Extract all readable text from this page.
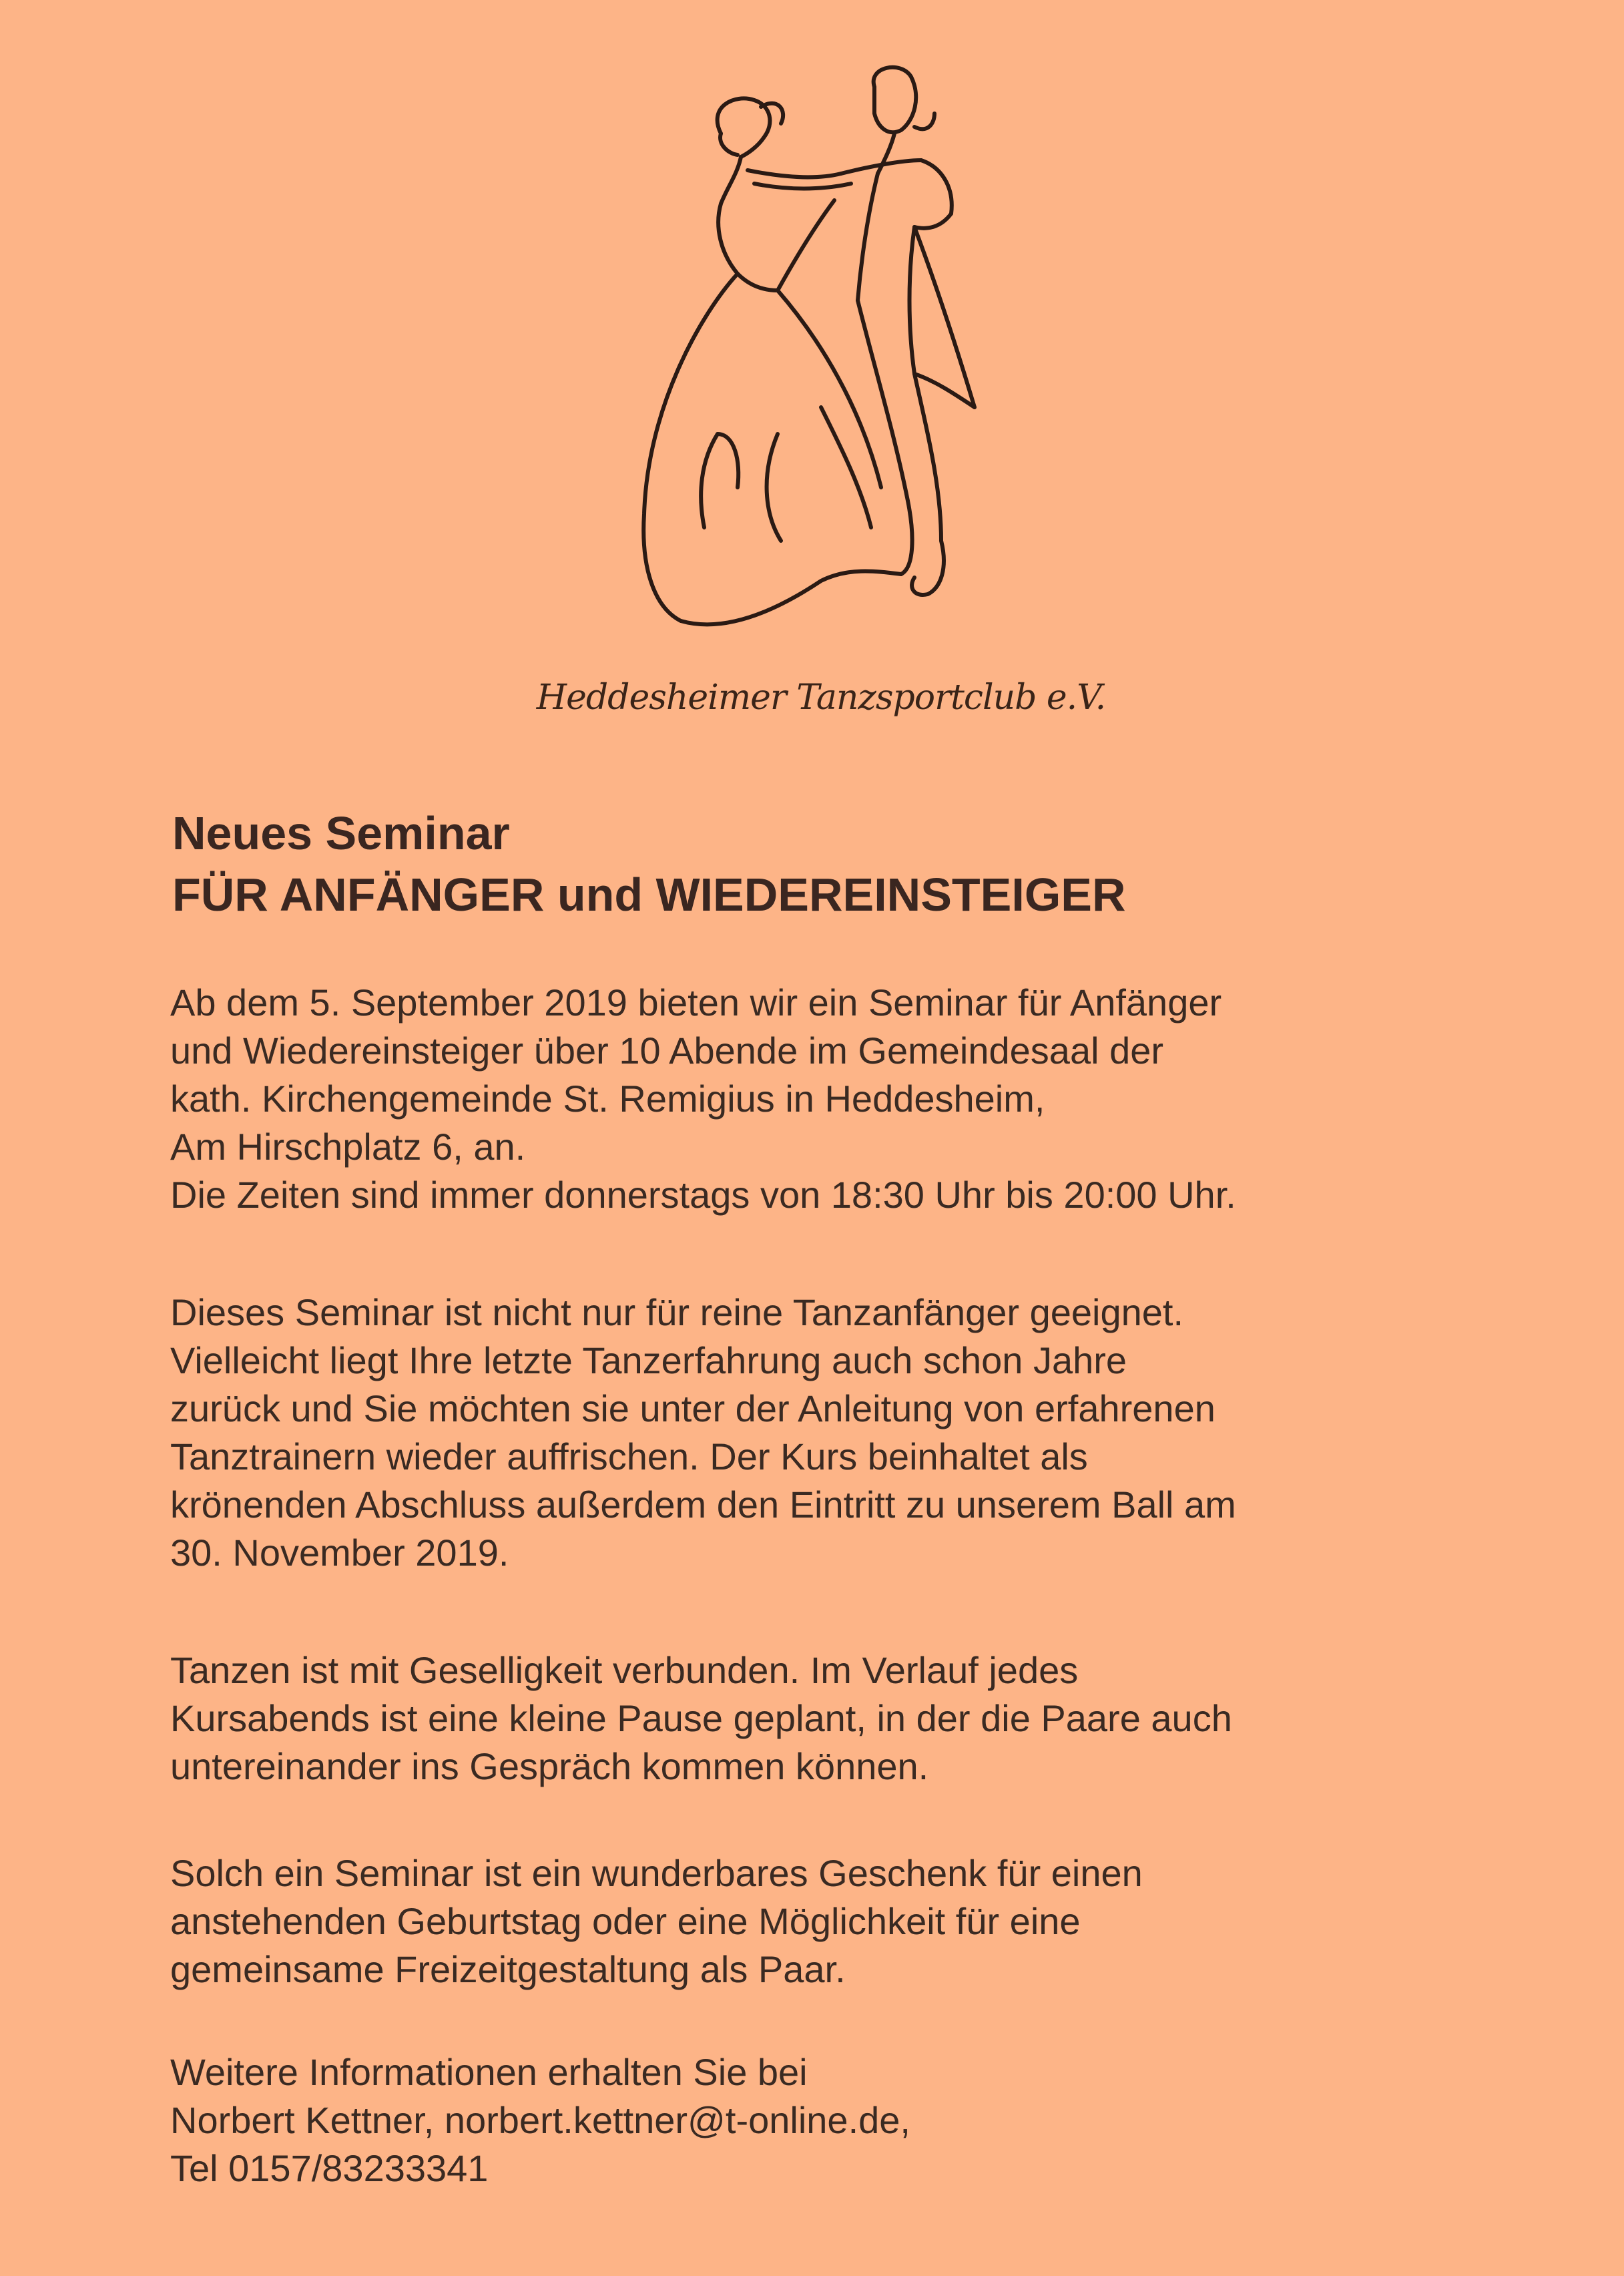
Heddesheimer Tanzsportclub e.V.
Neues Seminar
FÜR ANFÄNGER und WIEDEREINSTEIGER
Ab dem 5. September 2019 bieten wir ein Seminar für Anfänger
und Wiedereinsteiger über 10 Abende im Gemeindesaal der
kath. Kirchengemeinde St. Remigius in Heddesheim,
Am Hirschplatz 6, an.
Die Zeiten sind immer donnerstags von 18:30 Uhr bis 20:00 Uhr.
Dieses Seminar ist nicht nur für reine Tanzanfänger geeignet.
Vielleicht liegt Ihre letzte Tanzerfahrung auch schon Jahre
zurück und Sie möchten sie unter der Anleitung von erfahrenen
Tanztrainern wieder auffrischen. Der Kurs beinhaltet als
krönenden Abschluss außerdem den Eintritt zu unserem Ball am
30. November 2019.
Tanzen ist mit Geselligkeit verbunden. Im Verlauf jedes
Kursabends ist eine kleine Pause geplant, in der die Paare auch
untereinander ins Gespräch kommen können.
Solch ein Seminar ist ein wunderbares Geschenk für einen
anstehenden Geburtstag oder eine Möglichkeit für eine
gemeinsame Freizeitgestaltung als Paar.
Weitere Informationen erhalten Sie bei
Norbert Kettner, norbert.kettner@t-online.de,
Tel 0157/83233341
